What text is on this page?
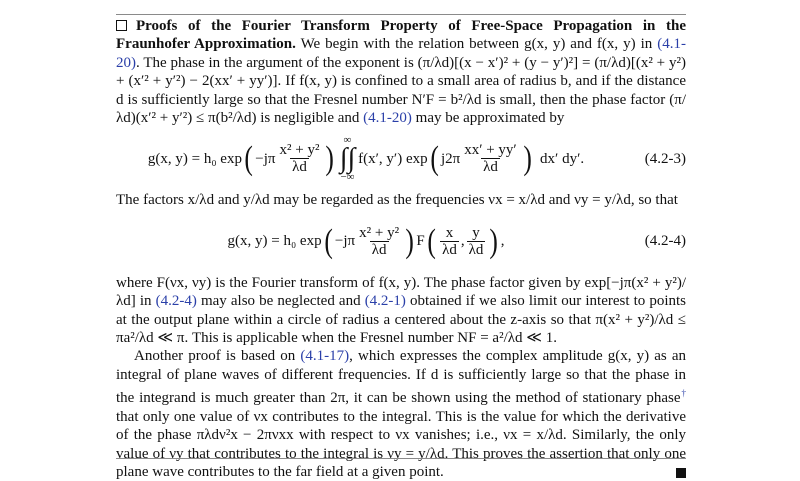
Proofs of the Fourier Transform Property of Free-Space Propagation in the Fraunhofer Approximation. We begin with the relation between g(x, y) and f(x, y) in (4.1-20). The phase in the argument of the exponent is (π/λd)[(x − x′)² + (y − y′)²] = (π/λd)[(x² + y²) + (x′² + y′²) − 2(xx′ + yy′)]. If f(x, y) is confined to a small area of radius b, and if the distance d is sufficiently large so that the Fresnel number N′F = b²/λd is small, then the phase factor (π/λd)(x′² + y′²) ≤ π(b²/λd) is negligible and (4.1-20) may be approximated by

g(x, y) = h₀ exp ( $-j\pi \frac{\text{x² + y²}}{\lambda d}$ ) ∞
∫∫
−∞
f(x′, y′) exp ( $j2\pi \frac{xx' + yy'}{\lambda d}$ ) dx′ dy′.	(4.2-3)

The factors x/λd and y/λd may be regarded as the frequencies νx = x/λd and νy = y/λd, so that

g(x, y) = h₀ exp ( $-j\pi \frac{\text{x² + y²}}{\lambda d}$ ) F ( $\frac{x}{\lambda d}$ , $\frac{y}{\lambda d}$ ) ,	(4.2-4)

where F(νx, νy) is the Fourier transform of f(x, y). The phase factor given by exp[−jπ(x² + y²)/λd] in (4.2-4) may also be neglected and (4.2-1) obtained if we also limit our interest to points at the output plane within a circle of radius a centered about the z-axis so that π(x² + y²)/λd ≤ πa²/λd ≪ π. This is applicable when the Fresnel number NF = a²/λd ≪ 1.

Another proof is based on (4.1-17), which expresses the complex amplitude g(x, y) as an integral of plane waves of different frequencies. If d is sufficiently large so that the phase in the integrand is much greater than 2π, it can be shown using the method of stationary phase† that only one value of νx contributes to the integral. This is the value for which the derivative of the phase πλdν²x − 2πνxx with respect to νx vanishes; i.e., νx = x/λd. Similarly, the only value of νy that contributes to the integral is νy = y/λd. This proves the assertion that only one plane wave contributes to the far field at a given point.
